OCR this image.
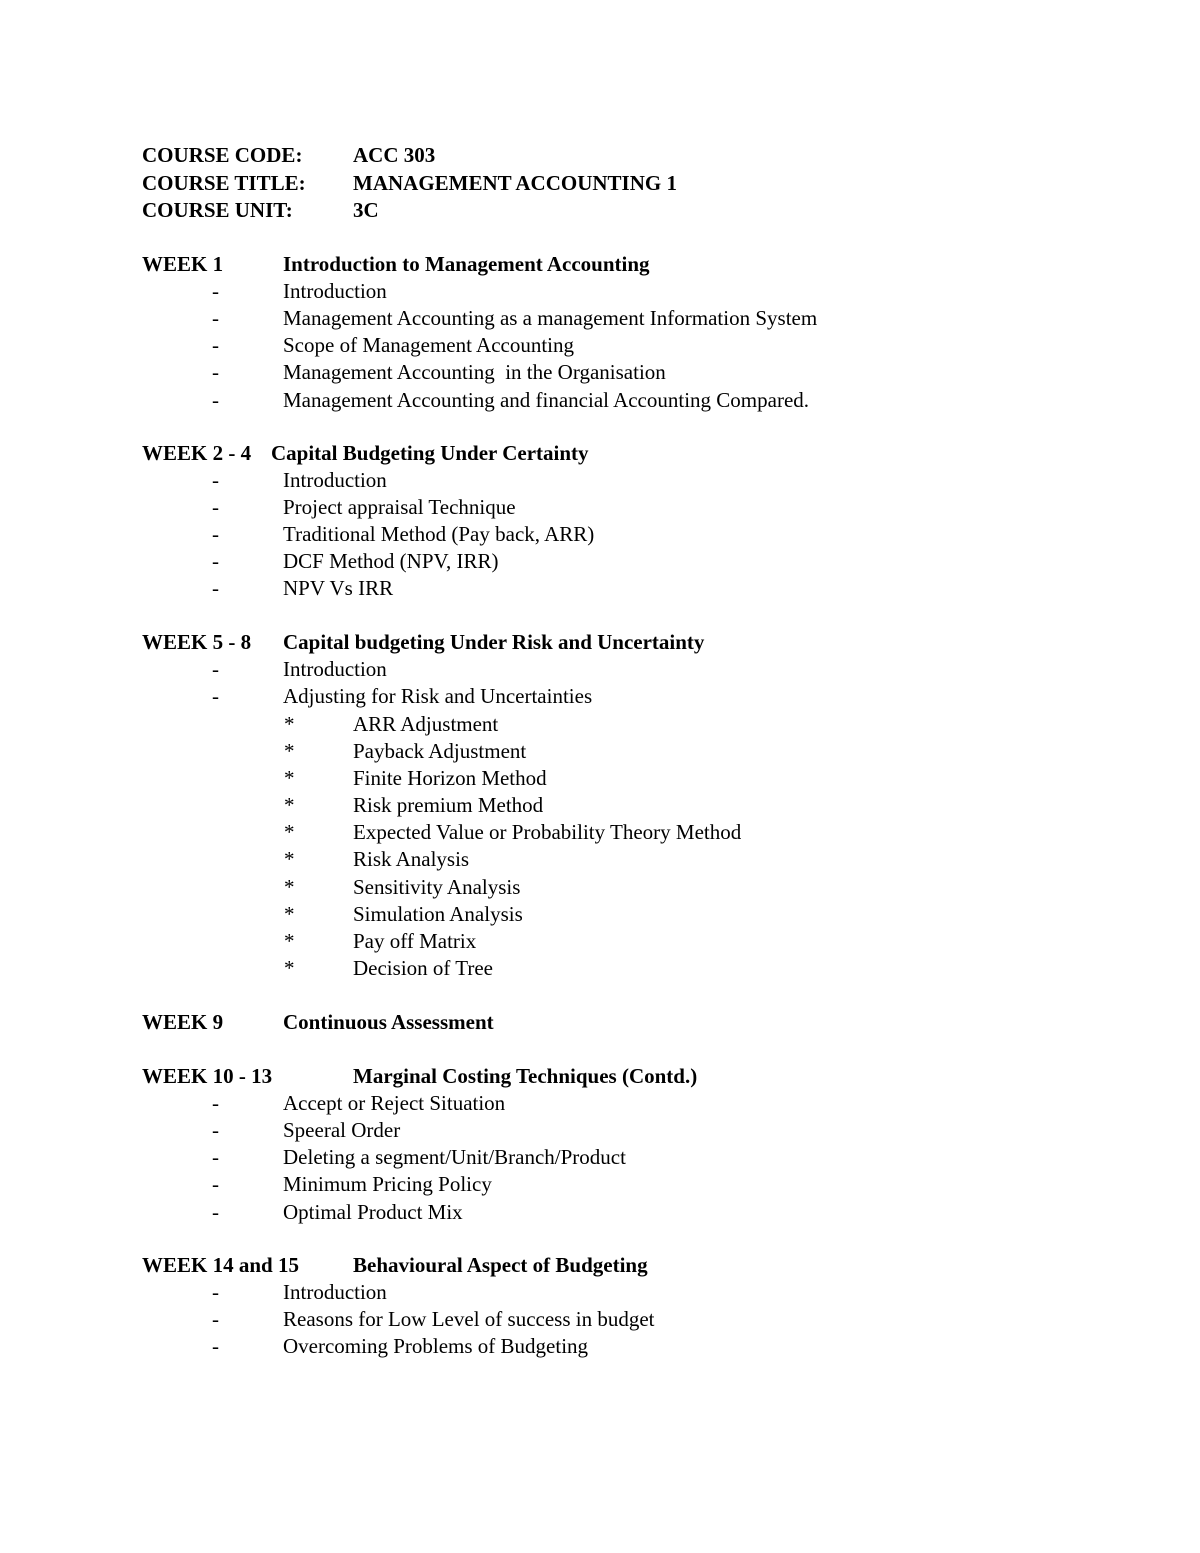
COURSE CODE: ACC 303
COURSE TITLE: MANAGEMENT ACCOUNTING 1
COURSE UNIT:	3C
WEEK 1	Introduction to Management Accounting
-	Introduction
-	Management Accounting as a management Information System
-	Scope of Management Accounting
-	Management Accounting  in the Organisation
-	Management Accounting and financial Accounting Compared.
WEEK 2 - 4 Capital Budgeting Under Certainty
-	Introduction
-	Project appraisal Technique
-	Traditional Method (Pay back, ARR)
-	DCF Method (NPV, IRR)
-	NPV Vs IRR
WEEK 5 - 8 Capital budgeting Under Risk and Uncertainty
-	Introduction
-	Adjusting for Risk and Uncertainties
*	ARR Adjustment
*	Payback Adjustment
*	Finite Horizon Method
*	Risk premium Method
*	Expected Value or Probability Theory Method
*	Risk Analysis
*	Sensitivity Analysis
*	Simulation Analysis
*	Pay off Matrix
*	Decision of Tree
WEEK 9	Continuous Assessment
WEEK 10 - 13	Marginal Costing Techniques (Contd.)
-	Accept or Reject Situation
-	Speeral Order
-	Deleting a segment/Unit/Branch/Product
-	Minimum Pricing Policy
-	Optimal Product Mix
WEEK 14 and 15	Behavioural Aspect of Budgeting
-	Introduction
-	Reasons for Low Level of success in budget
-	Overcoming Problems of Budgeting
